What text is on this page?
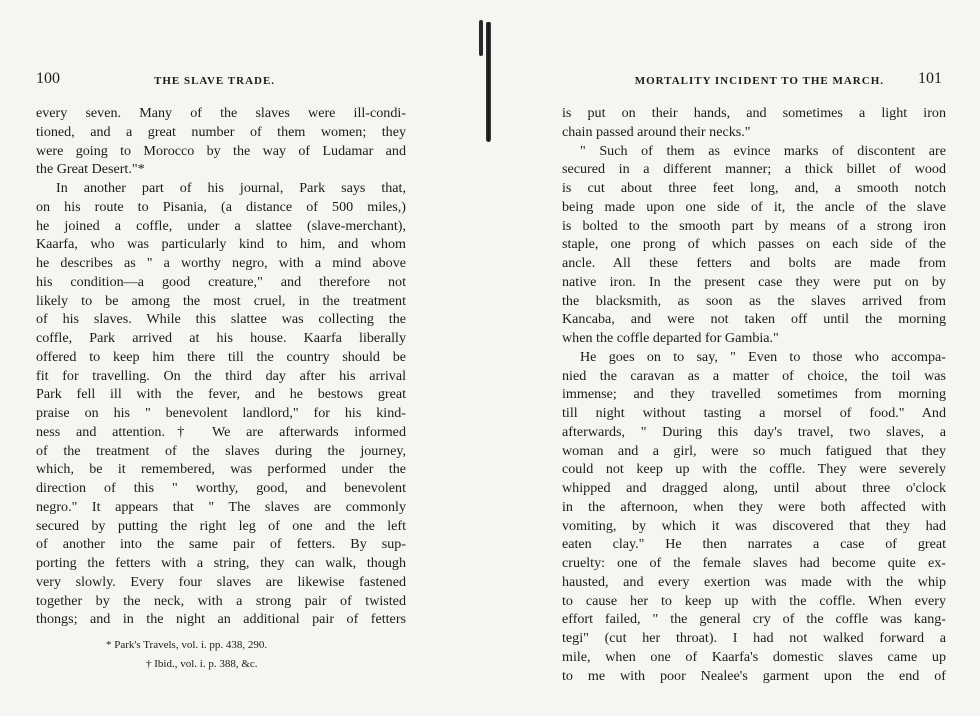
100	THE SLAVE TRADE.
every seven. Many of the slaves were ill-condi-
tioned, and a great number of them women; they
were going to Morocco by the way of Ludamar and
the Great Desert."*
In another part of his journal, Park says that,
on his route to Pisania, (a distance of 500 miles,)
he joined a coffle, under a slattee (slave-merchant),
Kaarfa, who was particularly kind to him, and whom
he describes as " a worthy negro, with a mind above
his condition—a good creature," and therefore not
likely to be among the most cruel, in the treatment
of his slaves. While this slattee was collecting the
coffle, Park arrived at his house. Kaarfa liberally
offered to keep him there till the country should be
fit for travelling. On the third day after his arrival
Park fell ill with the fever, and he bestows great
praise on his " benevolent landlord," for his kind-
ness and attention.† We are afterwards informed
of the treatment of the slaves during the journey,
which, be it remembered, was performed under the
direction of this " worthy, good, and benevolent
negro." It appears that " The slaves are commonly
secured by putting the right leg of one and the left
of another into the same pair of fetters. By sup-
porting the fetters with a string, they can walk, though
very slowly. Every four slaves are likewise fastened
together by the neck, with a strong pair of twisted
thongs; and in the night an additional pair of fetters
* Park's Travels, vol. i. pp. 438, 290.
† Ibid., vol. i. p. 388, &c.
MORTALITY INCIDENT TO THE MARCH. 101
is put on their hands, and sometimes a light iron
chain passed around their necks."
" Such of them as evince marks of discontent are
secured in a different manner; a thick billet of wood
is cut about three feet long, and, a smooth notch
being made upon one side of it, the ancle of the slave
is bolted to the smooth part by means of a strong iron
staple, one prong of which passes on each side of the
ancle. All these fetters and bolts are made from
native iron. In the present case they were put on by
the blacksmith, as soon as the slaves arrived from
Kancaba, and were not taken off until the morning
when the coffle departed for Gambia."
He goes on to say, " Even to those who accompa-
nied the caravan as a matter of choice, the toil was
immense; and they travelled sometimes from morning
till night without tasting a morsel of food." And
afterwards, " During this day's travel, two slaves, a
woman and a girl, were so much fatigued that they
could not keep up with the coffle. They were severely
whipped and dragged along, until about three o'clock
in the afternoon, when they were both affected with
vomiting, by which it was discovered that they had
eaten clay." He then narrates a case of great
cruelty: one of the female slaves had become quite ex-
hausted, and every exertion was made with the whip
to cause her to keep up with the coffle. When every
effort failed, " the general cry of the coffle was kang-
tegi" (cut her throat). I had not walked forward a
mile, when one of Kaarfa's domestic slaves came up
to me with poor Nealee's garment upon the end of
